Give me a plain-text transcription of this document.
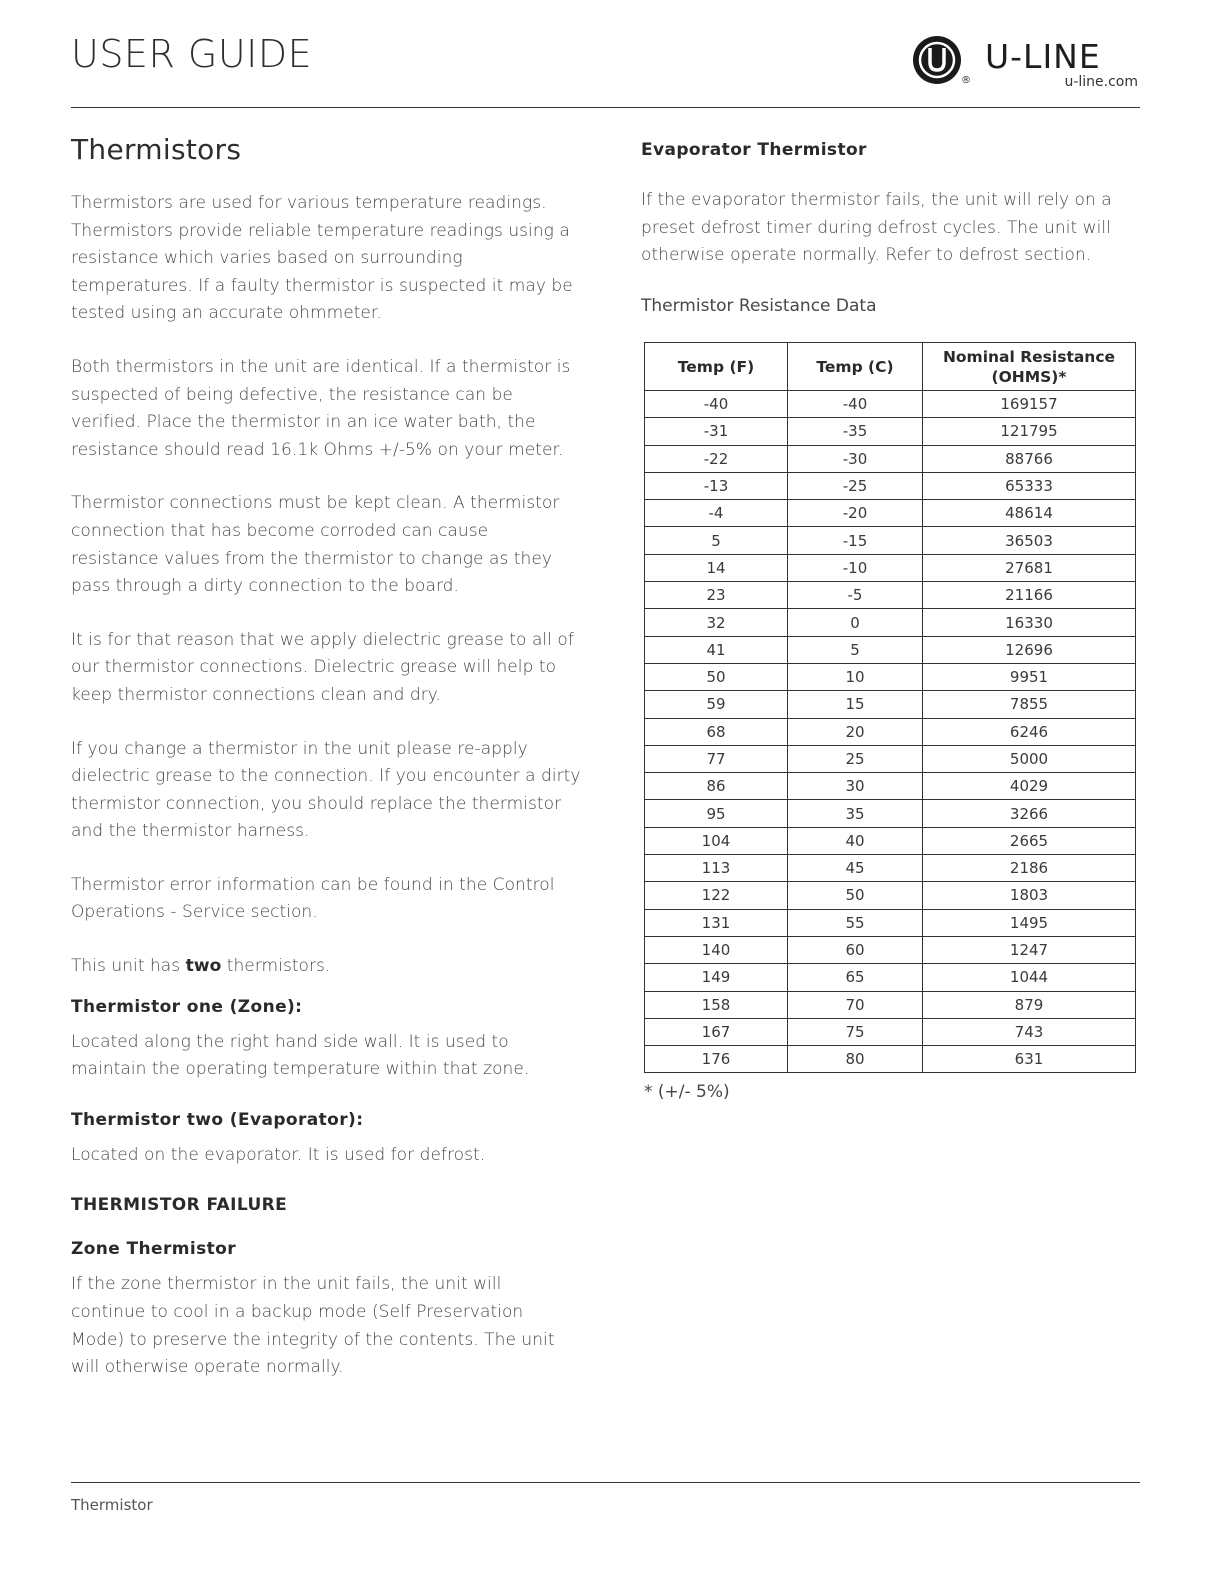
USER GUIDE
®
U-LINE
u-line.com
Thermistors

Thermistors are used for various temperature readings. Thermistors provide reliable temperature readings using a resistance which varies based on surrounding temperatures. If a faulty thermistor is suspected it may be tested using an accurate ohmmeter.

Both thermistors in the unit are identical. If a thermistor is suspected of being defective, the resistance can be verified. Place the thermistor in an ice water bath, the resistance should read 16.1k Ohms +/-5% on your meter.

Thermistor connections must be kept clean. A thermistor connection that has become corroded can cause resistance values from the thermistor to change as they pass through a dirty connection to the board.

It is for that reason that we apply dielectric grease to all of our thermistor connections. Dielectric grease will help to keep thermistor connections clean and dry.

If you change a thermistor in the unit please re-apply dielectric grease to the connection. If you encounter a dirty thermistor connection, you should replace the thermistor and the thermistor harness.

Thermistor error information can be found in the Control Operations - Service section.

This unit has two thermistors.

Thermistor one (Zone):

Located along the right hand side wall. It is used to maintain the operating temperature within that zone.

Thermistor two (Evaporator):

Located on the evaporator. It is used for defrost.

THERMISTOR FAILURE
Zone Thermistor

If the zone thermistor in the unit fails, the unit will continue to cool in a backup mode (Self Preservation Mode) to preserve the integrity of the contents. The unit will otherwise operate normally.

Evaporator Thermistor

If the evaporator thermistor fails, the unit will rely on a preset defrost timer during defrost cycles. The unit will otherwise operate normally. Refer to defrost section.

Thermistor Resistance Data
Temp (F)	Temp (C)	Nominal Resistance (OHMS)*
-40	-40	169157
-31	-35	121795
-22	-30	88766
-13	-25	65333
-4	-20	48614
5	-15	36503
14	-10	27681
23	-5	21166
32	0	16330
41	5	12696
50	10	9951
59	15	7855
68	20	6246
77	25	5000
86	30	4029
95	35	3266
104	40	2665
113	45	2186
122	50	1803
131	55	1495
140	60	1247
149	65	1044
158	70	879
167	75	743
176	80	631
* (+/- 5%)
Thermistor
